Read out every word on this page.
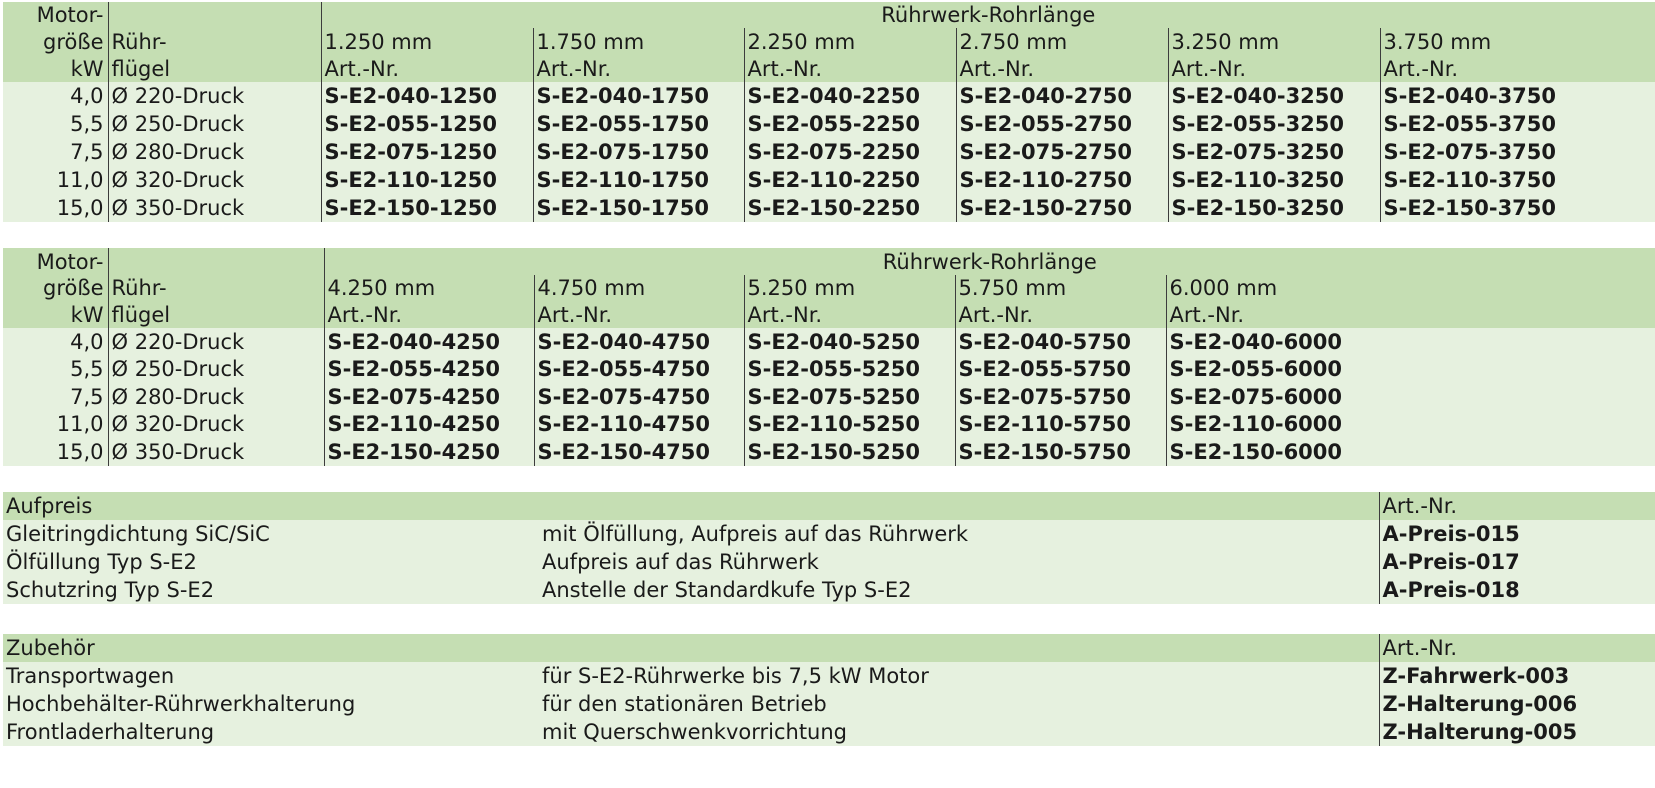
Motor-		Rührwerk-Rohrlänge					
größe	Rühr-	1.250 mm	1.750 mm	2.250 mm	2.750 mm	3.250 mm	3.750 mm
kW	flügel	Art.-Nr.	Art.-Nr.	Art.-Nr.	Art.-Nr.	Art.-Nr.	Art.-Nr.
4,0	Ø 220-Druck	S-E2-040-1250	S-E2-040-1750	S-E2-040-2250	S-E2-040-2750	S-E2-040-3250	S-E2-040-3750
5,5	Ø 250-Druck	S-E2-055-1250	S-E2-055-1750	S-E2-055-2250	S-E2-055-2750	S-E2-055-3250	S-E2-055-3750
7,5	Ø 280-Druck	S-E2-075-1250	S-E2-075-1750	S-E2-075-2250	S-E2-075-2750	S-E2-075-3250	S-E2-075-3750
11,0	Ø 320-Druck	S-E2-110-1250	S-E2-110-1750	S-E2-110-2250	S-E2-110-2750	S-E2-110-3250	S-E2-110-3750
15,0	Ø 350-Druck	S-E2-150-1250	S-E2-150-1750	S-E2-150-2250	S-E2-150-2750	S-E2-150-3250	S-E2-150-3750
Motor-		Rührwerk-Rohrlänge					
größe	Rühr-	4.250 mm	4.750 mm	5.250 mm	5.750 mm	6.000 mm	
kW	flügel	Art.-Nr.	Art.-Nr.	Art.-Nr.	Art.-Nr.	Art.-Nr.	
4,0	Ø 220-Druck	S-E2-040-4250	S-E2-040-4750	S-E2-040-5250	S-E2-040-5750	S-E2-040-6000	
5,5	Ø 250-Druck	S-E2-055-4250	S-E2-055-4750	S-E2-055-5250	S-E2-055-5750	S-E2-055-6000	
7,5	Ø 280-Druck	S-E2-075-4250	S-E2-075-4750	S-E2-075-5250	S-E2-075-5750	S-E2-075-6000	
11,0	Ø 320-Druck	S-E2-110-4250	S-E2-110-4750	S-E2-110-5250	S-E2-110-5750	S-E2-110-6000	
15,0	Ø 350-Druck	S-E2-150-4250	S-E2-150-4750	S-E2-150-5250	S-E2-150-5750	S-E2-150-6000	
Aufpreis		Art.-Nr.
Gleitringdichtung SiC/SiC	mit Ölfüllung, Aufpreis auf das Rührwerk	A-Preis-015
Ölfüllung Typ S-E2	Aufpreis auf das Rührwerk	A-Preis-017
Schutzring Typ S-E2	Anstelle der Standardkufe Typ S-E2	A-Preis-018
Zubehör		Art.-Nr.
Transportwagen	für S-E2-Rührwerke bis 7,5 kW Motor	Z-Fahrwerk-003
Hochbehälter-Rührwerkhalterung	für den stationären Betrieb	Z-Halterung-006
Frontladerhalterung	mit Querschwenkvorrichtung	Z-Halterung-005
